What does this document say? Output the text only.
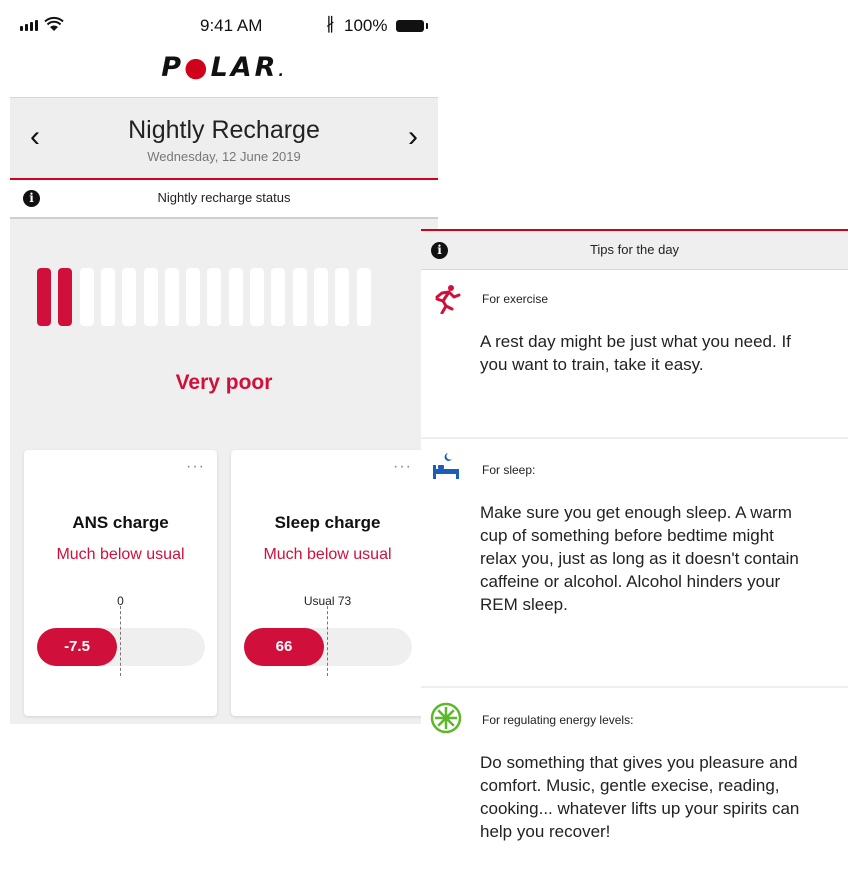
9:41 AM	∦ 100%
P●LAR.
‹	Nightly Recharge
Wednesday, 12 June 2019
›
i	Nightly recharge status
Very poor
···
ANS charge
Much below usual
0
-7.5
···
Sleep charge
Much below usual
Usual 73
66
i	Tips for the day
For exercise
A rest day might be just what you need. If you want to train, take it easy.
For sleep:
Make sure you get enough sleep. A warm cup of something before bedtime might relax you, just as long as it doesn't contain caffeine or alcohol. Alcohol hinders your REM sleep.
For regulating energy levels:
Do something that gives you pleasure and comfort. Music, gentle execise, reading, cooking... whatever lifts up your spirits can help you recover!
